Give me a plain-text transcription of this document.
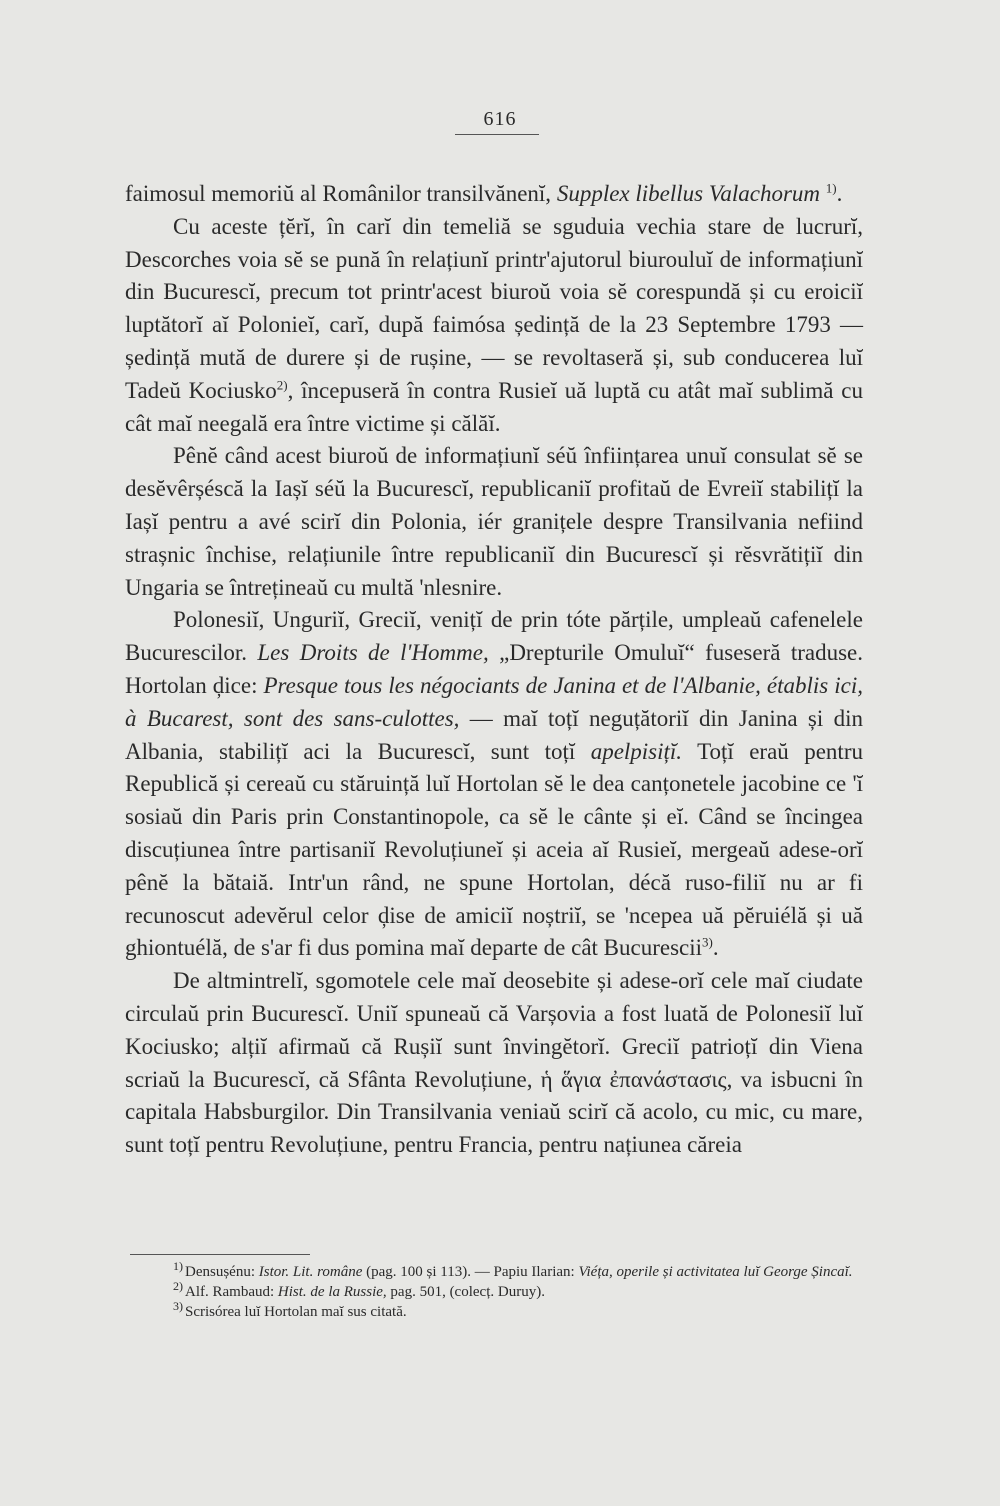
616

faimosul memoriŭ al Românilor transilvănenĭ, Supplex libellus Valachorum $^{1)}$.

Cu aceste țĕrĭ, în carĭ din temeliă se sguduia vechia stare de lucrurĭ, Descorches voia sĕ se pună în relațiunĭ printr'ajutorul biurouluĭ de informațiunĭ din Bucurescĭ, precum tot printr'acest biuroŭ voia sĕ corespundă și cu eroiciĭ luptătorĭ aĭ Polonieĭ, carĭ, după faimósa ședință de la 23 Septembre 1793 — ședință mută de durere și de rușine, — se revoltaseră și, sub conducerea luĭ Tadeŭ Kociusko$^{2)}$, începuseră în contra Rusieĭ uă luptă cu atât maĭ sublimă cu cât maĭ neegală era între victime și călăĭ.

Pênĕ când acest biuroŭ de informațiunĭ séŭ înființarea unuĭ consulat sĕ se desĕvêrșéscă la Iașĭ séŭ la Bucurescĭ, republicaniĭ profitaŭ de Evreiĭ stabilițĭ la Iașĭ pentru a avé scirĭ din Polonia, iér granițele despre Transilvania nefiind strașnic închise, relațiunile între republicaniĭ din Bucurescĭ și rĕsvrătițiĭ din Ungaria se întrețineaŭ cu multă 'nlesnire.

Polonesiĭ, Unguriĭ, Greciĭ, venițĭ de prin tóte părțile, umpleaŭ cafenelele Bucurescilor. Les Droits de l'Homme, „Drepturile Omuluĭ“ fuseseră traduse. Hortolan ḑice: Presque tous les négociants de Janina et de l'Albanie, établis ici, à Bucarest, sont des sans-culottes, — maĭ toțĭ neguțătoriĭ din Janina și din Albania, stabilițĭ aci la Bucurescĭ, sunt toțĭ apelpisițĭ. Toțĭ eraŭ pentru Republică și cereaŭ cu stăruință luĭ Hortolan sĕ le dea canțonetele jacobine ce 'ĭ sosiaŭ din Paris prin Constantinopole, ca sĕ le cânte și eĭ. Când se încingea discuțiunea între partisaniĭ Revoluțiuneĭ și aceia aĭ Rusieĭ, mergeaŭ adese-orĭ pênĕ la bătaiă. Intr'un rând, ne spune Hortolan, décă ruso-filiĭ nu ar fi recunoscut adevĕrul celor ḑise de amiciĭ noștriĭ, se 'ncepea uă pĕruiélă și uă ghiontuélă, de s'ar fi dus pomina maĭ departe de cât Bucurescii$^{3)}$.

De altmintrelĭ, sgomotele cele maĭ deosebite și adese-orĭ cele maĭ ciudate circulaŭ prin Bucurescĭ. Uniĭ spuneaŭ că Varșovia a fost luată de Polonesiĭ luĭ Kociusko; alțiĭ afirmaŭ că Rușiĭ sunt învingĕtorĭ. Greciĭ patrioțĭ din Viena scriaŭ la Bucurescĭ, că Sfânta Revoluțiune, ἡ ἅγια ἐπανάστασις, va isbucni în capitala Habsburgilor. Din Transilvania veniaŭ scirĭ că acolo, cu mic, cu mare, sunt toțĭ pentru Revoluțiune, pentru Francia, pentru națiunea căreia

$^{1)}$ Densușénu: Istor. Lit. române (pag. 100 și 113). — Papiu Ilarian: Viéța, operile și activitatea luĭ George Șincaĭ.

$^{2)}$ Alf. Rambaud: Hist. de la Russie, pag. 501, (colecț. Duruy).

$^{3)}$ Scrisórea luĭ Hortolan maĭ sus citată.
